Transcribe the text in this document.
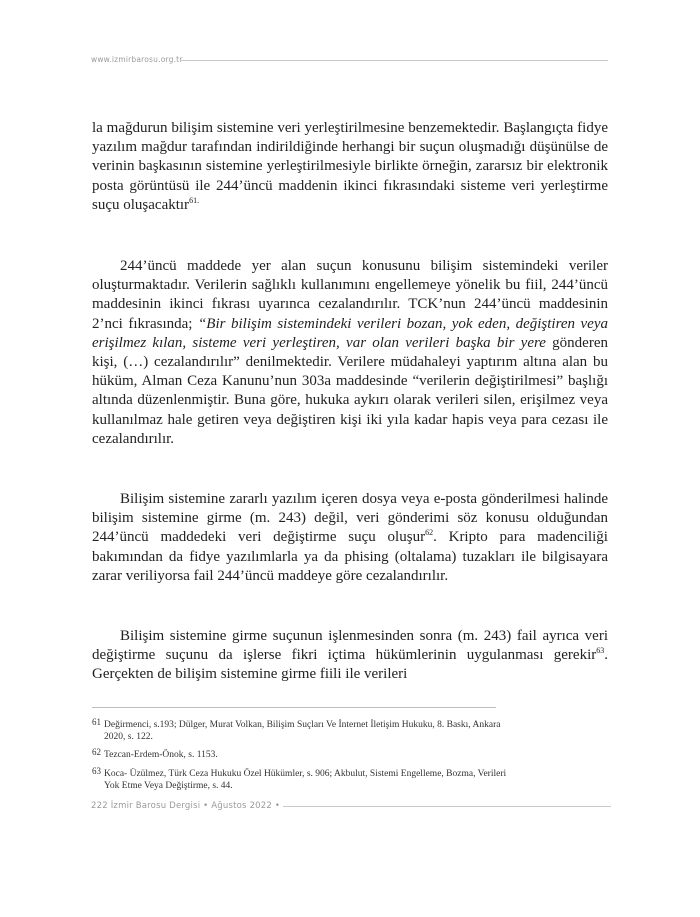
www.izmirbarosu.org.tr
la mağdurun bilişim sistemine veri yerleştirilmesine benzemektedir. Başlangıçta fidye yazılım mağdur tarafından indirildiğinde herhangi bir suçun oluşmadığı düşünülse de verinin başkasının sistemine yerleştirilmesiyle birlikte örneğin, zararsız bir elektronik posta görüntüsü ile 244’üncü maddenin ikinci fıkrasındaki sisteme veri yerleştirme suçu oluşacaktır$^{61.}$
244’üncü maddede yer alan suçun konusunu bilişim sistemindeki veriler oluşturmaktadır. Verilerin sağlıklı kullanımını engellemeye yönelik bu fiil, 244’üncü maddesinin ikinci fıkrası uyarınca cezalandırılır. TCK’nun 244’üncü maddesinin 2’nci fıkrasında; “Bir bilişim sistemindeki verileri bozan, yok eden, değiştiren veya erişilmez kılan, sisteme veri yerleştiren, var olan verileri başka bir yere gönderen kişi, (…) cezalandırılır” denilmektedir. Verilere müdahaleyi yaptırım altına alan bu hüküm, Alman Ceza Kanunu’nun 303a maddesinde “verilerin değiştirilmesi” başlığı altında düzenlenmiştir. Buna göre, hukuka aykırı olarak verileri silen, erişilmez veya kullanılmaz hale getiren veya değiştiren kişi iki yıla kadar hapis veya para cezası ile cezalandırılır.
Bilişim sistemine zararlı yazılım içeren dosya veya e-posta gönderilmesi halinde bilişim sistemine girme (m. 243) değil, veri gönderimi söz konusu olduğundan 244’üncü maddedeki veri değiştirme suçu oluşur$^{62}$. Kripto para madenciliği bakımından da fidye yazılımlarla ya da phising (oltalama) tuzakları ile bilgisayara zarar veriliyorsa fail 244’üncü maddeye göre cezalandırılır.
Bilişim sistemine girme suçunun işlenmesinden sonra (m. 243) fail ayrıca veri değiştirme suçunu da işlerse fikri içtima hükümlerinin uygulanması gerekir$^{63}$. Gerçekten de bilişim sistemine girme fiili ile verileri
61 Değirmenci, s.193; Dülger, Murat Volkan, Bilişim Suçları Ve İnternet İletişim Hukuku, 8. Baskı, Ankara 2020, s. 122.
62 Tezcan-Erdem-Önok, s. 1153.
63 Koca- Üzülmez, Türk Ceza Hukuku Özel Hükümler, s. 906; Akbulut, Sistemi Engelleme, Bozma, Verileri Yok Etme Veya Değiştirme, s. 44.
222 İzmir Barosu Dergisi • Ağustos 2022 •
